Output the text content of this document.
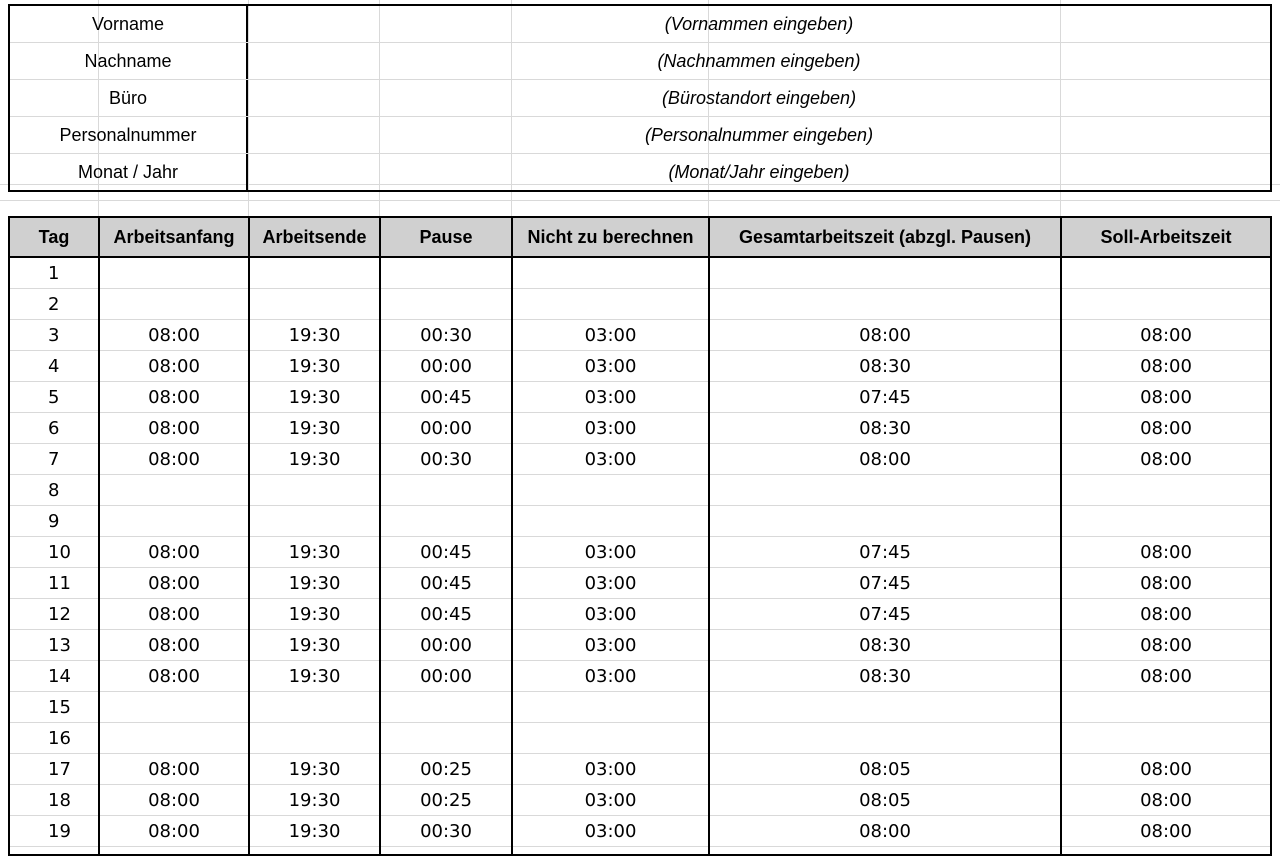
Vorname	(Vornammen eingeben)
Nachname	(Nachnammen eingeben)
Büro	(Bürostandort eingeben)
Personalnummer	(Personalnummer eingeben)
Monat / Jahr	(Monat/Jahr eingeben)
Tag	Arbeitsanfang	Arbeitsende	Pause	Nicht zu berechnen	Gesamtarbeitszeit (abzgl. Pausen)	Soll-Arbeitszeit
1
2
3	08:00	19:30	00:30	03:00	08:00	08:00
4	08:00	19:30	00:00	03:00	08:30	08:00
5	08:00	19:30	00:45	03:00	07:45	08:00
6	08:00	19:30	00:00	03:00	08:30	08:00
7	08:00	19:30	00:30	03:00	08:00	08:00
8
9
10	08:00	19:30	00:45	03:00	07:45	08:00
11	08:00	19:30	00:45	03:00	07:45	08:00
12	08:00	19:30	00:45	03:00	07:45	08:00
13	08:00	19:30	00:00	03:00	08:30	08:00
14	08:00	19:30	00:00	03:00	08:30	08:00
15
16
17	08:00	19:30	00:25	03:00	08:05	08:00
18	08:00	19:30	00:25	03:00	08:05	08:00
19	08:00	19:30	00:30	03:00	08:00	08:00
